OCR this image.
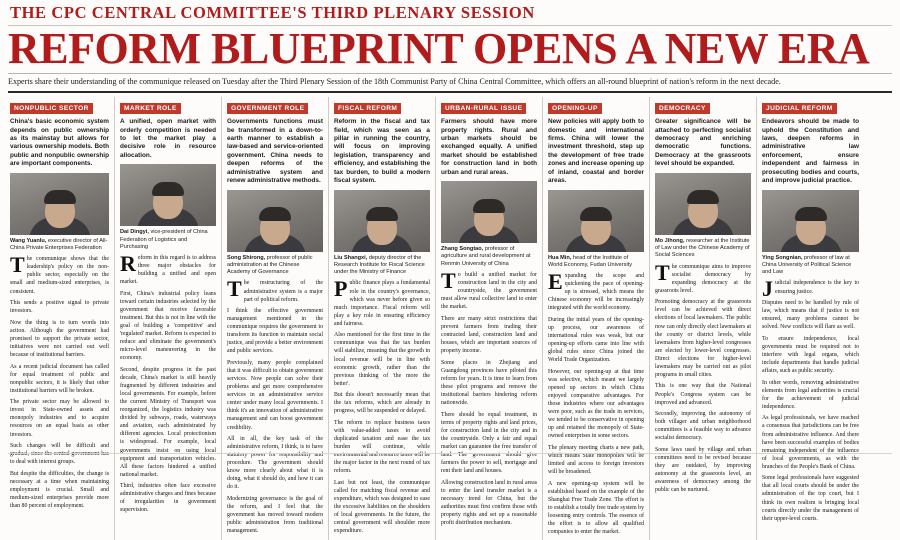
THE CPC CENTRAL COMMITTEE'S THIRD PLENARY SESSION
REFORM BLUEPRINT OPENS A NEW ERA
Experts share their understanding of the communique released on Tuesday after the Third Plenary Session of the 18th Communist Party of China Central Committee, which offers an all-round blueprint of nation's reform in the next decade.
NONPUBLIC SECTOR
China's basic economic system depends on public ownership as its mainstay but allows for various ownership models. Both public and nonpublic ownership are important components.
Wang Yuanlu, executive director of All-China Private Enterprises Federation

The communique shows that the leadership's policy on the non-public sector, especially on the small and medium-sized enterprises, is consistent.

This sends a positive signal to private investors.

Now the thing is to turn words into action. Although the government had promised to support the private sector, initiatives were not carried out well because of institutional barriers.

As a recent judicial document has called for equal treatment of public and nonpublic sectors, it is likely that other institutional barriers will be broken.

The private sector may be allowed to invest in State-owned assets and monopoly industries and to acquire resources on an equal basis as other investors.

Such changes will be difficult and gradual, since the central government has to deal with interest groups.

But despite the difficulties, the change is necessary at a time when maintaining employment is crucial. Small and medium-sized enterprises provide more than 80 percent of employment.

MARKET ROLE
A unified, open market with orderly competition is needed to let the market play a decisive role in resource allocation.
Dai Dingyi, vice-president of China Federation of Logistics and Purchasing

Reform in this regard is to address three major obstacles for building a unified and open market.

First, China's industrial policy leans toward certain industries selected by the government that receive favorable treatment. But this is not in line with the goal of building a 'competitive' and 'regulated' market. Reform is expected to reduce and eliminate the government's micro-level maneuvering in the economy.

Second, despite progress in the past decade, China's market is still heavily fragmented by different industries and local governments. For example, before the current Ministry of Transport was reorganized, the logistics industry was divided by subways, roads, waterways and aviation, each administrated by different agencies. Local protectionism is widespread. For example, local governments insist on using local equipment and transportation vehicles. All these factors hindered a unified national market.

Third, industries often face excessive administrative charges and fines because of irregularities in government supervision.

GOVERNMENT ROLE
Governments functions must be transformed in a down-to-earth manner to establish a law-based and service-oriented government. China needs to deepen reforms of the administrative system and renew administrative methods.
Song Shirong, professor of public administration at the Chinese Academy of Governance

The restructuring of the administrative system is a major part of political reform.

I think the effective government management mentioned in the communique requires the government to transform its function to maintain social justice, and provide a better environment and public services.

Previously, many people complained that it was difficult to obtain government services. Now people can solve their problems and get more comprehensive services in an administrative service center under many local governments. I think it's an innovation of administrative management and can boost government credibility.

All in all, the key task of the administrative reform, I think, is to have statutory power for responsibility and procedure. The government should know more clearly about what it is doing, what it should do, and how it can do it.

Modernizing governance is the goal of the reform, and I feel that the government has moved toward modern public administration from traditional management.

FISCAL REFORM
Reform in the fiscal and tax field, which was seen as a pillar in running the country, will focus on improving legislation, transparency and efficiency, and establishing the tax burden, to build a modern fiscal system.
Liu Shangxi, deputy director of the Research Institute for Fiscal Science under the Ministry of Finance

Public finance plays a fundamental role in the country's governance, which was never before given so much importance. Fiscal reform will play a key role in ensuring efficiency and fairness.

Also mentioned for the first time in the communique was that the tax burden will stabilize, meaning that the growth in local revenue will be in line with economic growth, rather than the previous thinking of 'the more the better'.

But this doesn't necessarily mean that the tax reforms, which are already in progress, will be suspended or delayed.

The reform to replace business taxes with value-added taxes to avoid duplicated taxation and ease the tax burden will continue, while environmental and resource taxes will be the major factor in the next round of tax reform.

Last but not least, the communique called for matching fiscal revenue and expenditure, which was designed to ease the excessive liabilities on the shoulders of local governments. In the future, the central government will shoulder more expenditure.

URBAN-RURAL ISSUE
Farmers should have more property rights. Rural and urban markets should be exchanged equally. A unified market should be established for construction land in both urban and rural areas.
Zhang Songtao, professor of agriculture and rural development at Renmin University of China

To build a unified market for construction land in the city and countryside, the government must allow rural collective land to enter the market.

There are many strict restrictions that prevent farmers from trading their contracted land, construction land and houses, which are important sources of property income.

Some places in Zhejiang and Guangdong provinces have piloted this reform for years. It is time to learn from these pilot programs and remove the institutional barriers hindering reform nationwide.

There should be equal treatment, in terms of property rights and land prices, for construction land in the city and in the countryside. Only a fair and equal market can guarantee the free transfer of land. The government should give farmers the power to sell, mortgage and rent their land and houses.

Allowing construction land in rural areas to enter the land transfer market is a necessary trend for China, but the authorities must first confirm those with property rights and set up a reasonable profit distribution mechanism.

OPENING-UP
New policies will apply both to domestic and international firms. China will lower the investment threshold, step up the development of free trade zones and increase opening up of inland, coastal and border areas.
Hua Min, head of the Institute of World Economy, Fudan University

Expanding the scope and quickening the pace of opening-up is stressed, which means the Chinese economy will be increasingly integrated with the world economy.

During the initial years of the opening-up process, our awareness of international rules was weak, but our opening-up efforts came into line with global rules since China joined the World Trade Organization.

However, our opening-up at that time was selective, which meant we largely opened up sectors in which China enjoyed comparative advantages. For those industries where our advantages were poor, such as the trade in services, we tended to be conservative in opening up and retained the monopoly of State-owned enterprises in some sectors.

The plenary meeting charts a new path, which means State monopolies will be limited and access to foreign investors will be broadened.

A new opening-up system will be established based on the example of the Shanghai Free Trade Zone. The effort is to establish a totally free trade system by loosening entry controls. The essence of the effort is to allow all qualified companies to enter the market.

DEMOCRACY
Greater significance will be attached to perfecting socialist democracy and enriching democratic functions. Democracy at the grassroots level should be expanded.
Mo Jihong, researcher at the Institute of Law under the Chinese Academy of Social Sciences

The communique aims to improve socialist democracy by expanding democracy at the grassroots level.

Promoting democracy at the grassroots level can be achieved with direct elections of local lawmakers. The public now can only directly elect lawmakers at the county or district levels, while lawmakers from higher-level congresses are elected by lower-level congresses. Direct elections for higher-level lawmakers may be carried out as pilot programs in small cities.

This is one way that the National People's Congress system can be improved and advanced.

Secondly, improving the autonomy of both villager and urban neighborhood committees is a feasible way to advance socialist democracy.

Some laws used by village and urban committees need to be revised because they are outdated, by improving autonomy at the grassroots level, an awareness of democracy among the public can be nurtured.

JUDICIAL REFORM
Endeavors should be made to uphold the Constitution and laws, deepen reforms in administrative law enforcement, ensure independent and fairness in prosecuting bodies and courts, and improve judicial practice.
Ying Songnian, professor of law at China University of Political Science and Law

Judicial independence is the key to ensuring justice.

Disputes need to be handled by rule of law, which means that if justice is not ensured, many problems cannot be solved. New conflicts will flare as well.

To ensure independence, local governments must be required not to interfere with legal organs, which include departments that handle judicial affairs, such as public security.

In other words, removing administrative elements from legal authorities is crucial for the achievement of judicial independence.

As legal professionals, we have reached a consensus that jurisdictions can be free from administrative influence. And there have been successful examples of bodies remaining independent of the influence of local governments, as with the branches of the People's Bank of China.

Some legal professionals have suggested that all local courts should be under the administration of the top court, but I think its own realism is bringing local courts directly under the management of their upper-level courts.
